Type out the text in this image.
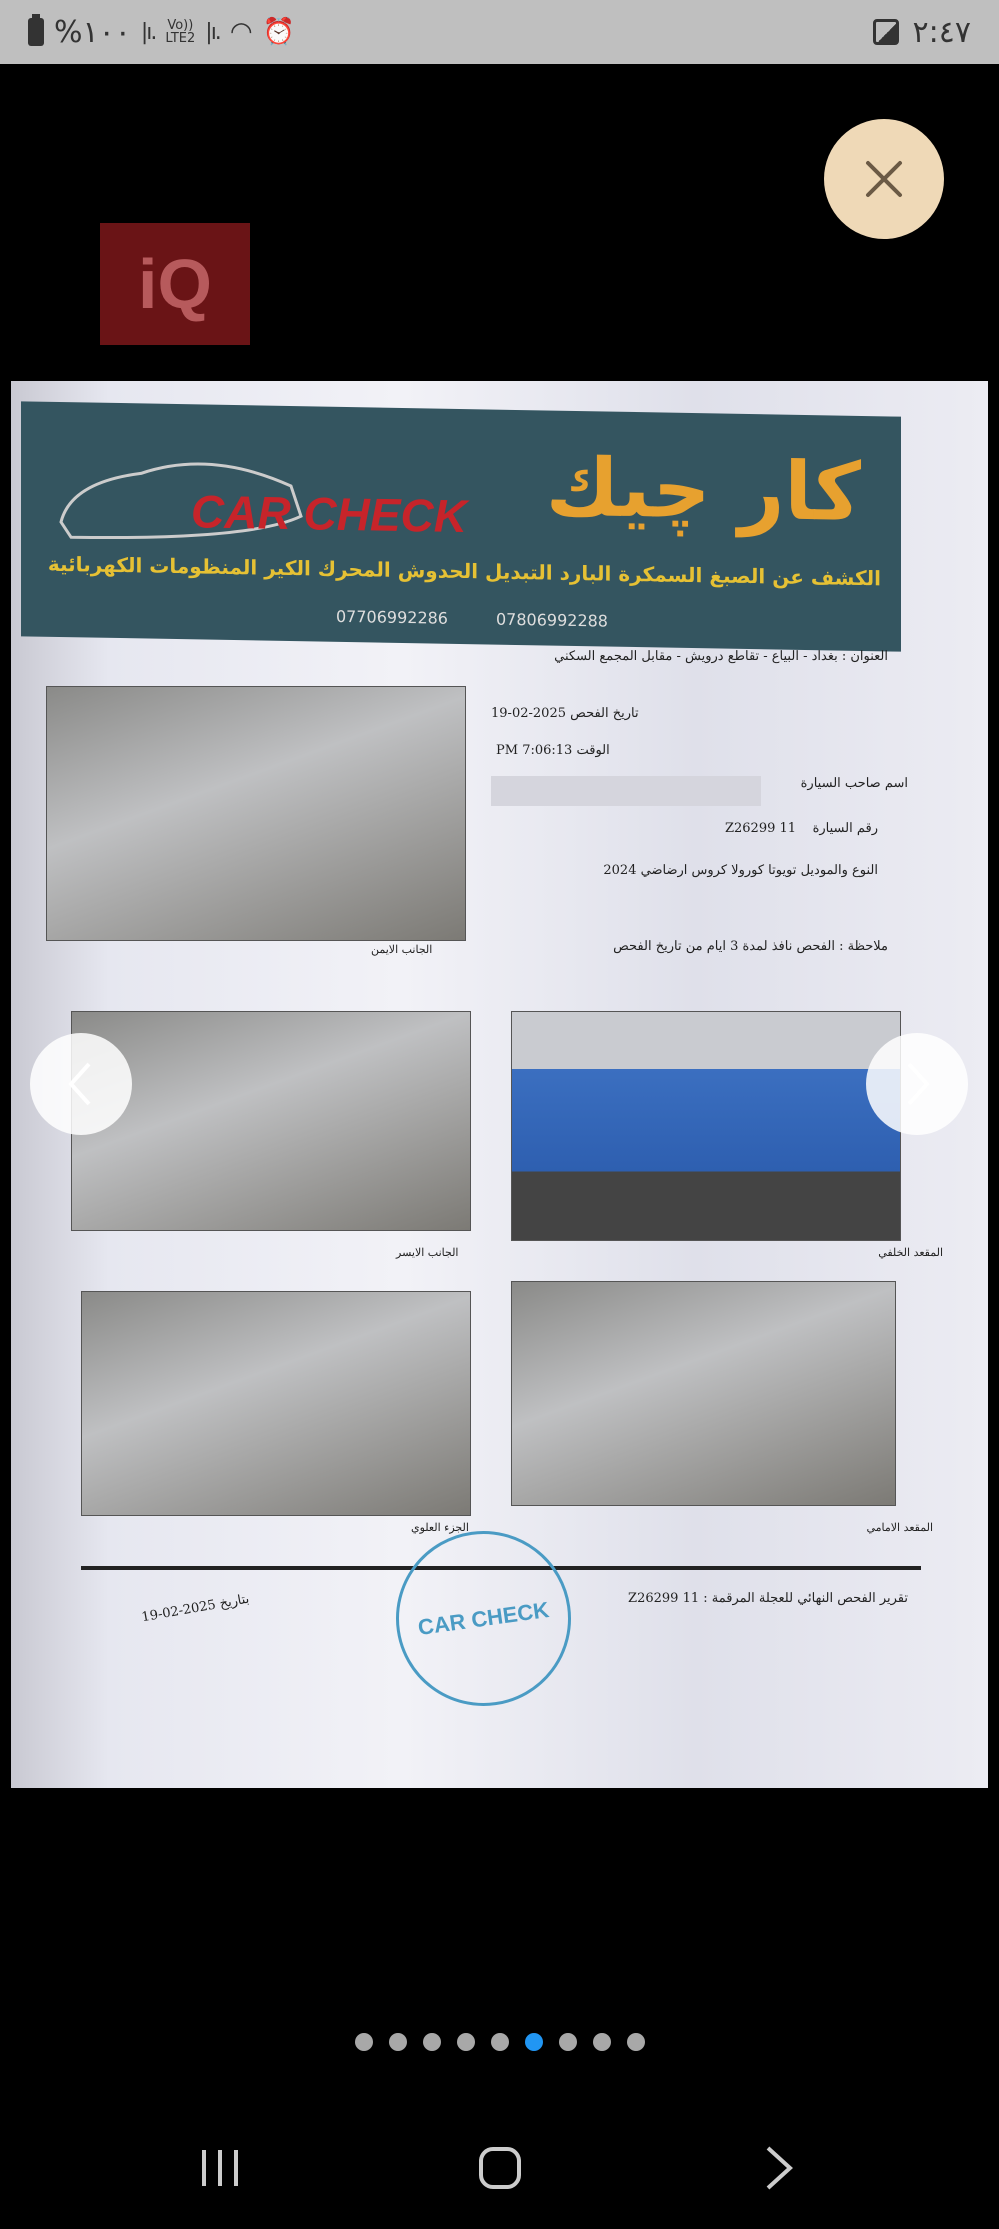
%١٠٠ |ı. Vo))
LTE2 |ı. ◠ ⏰	٢:٤٧
iQ
CAR CHECK كار چيك
الكشف عن الصبغ السمكرة البارد التبديل الحدوش المحرك الكير المنظومات الكهربائية
07706992286	07806992288
العنوان : بغداد - البياع - تقاطع درويش - مقابل المجمع السكني
تاريخ الفحص 2025-02-19
الوقت 7:06:13 PM
اسم صاحب السيارة
رقم السيارة    11 Z26299
النوع والموديل تويوتا كورولا كروس ارضاضي 2024
ملاحظة : الفحص نافذ لمدة 3 ايام من تاريخ الفحص
الجانب الايمن
الجانب الايسر	المقعد الخلفي
الجزء العلوي	المقعد الامامي
تقرير الفحص النهائي للعجلة المرقمة : 11 Z26299
بتاريخ 2025-02-19	CAR CHECK
